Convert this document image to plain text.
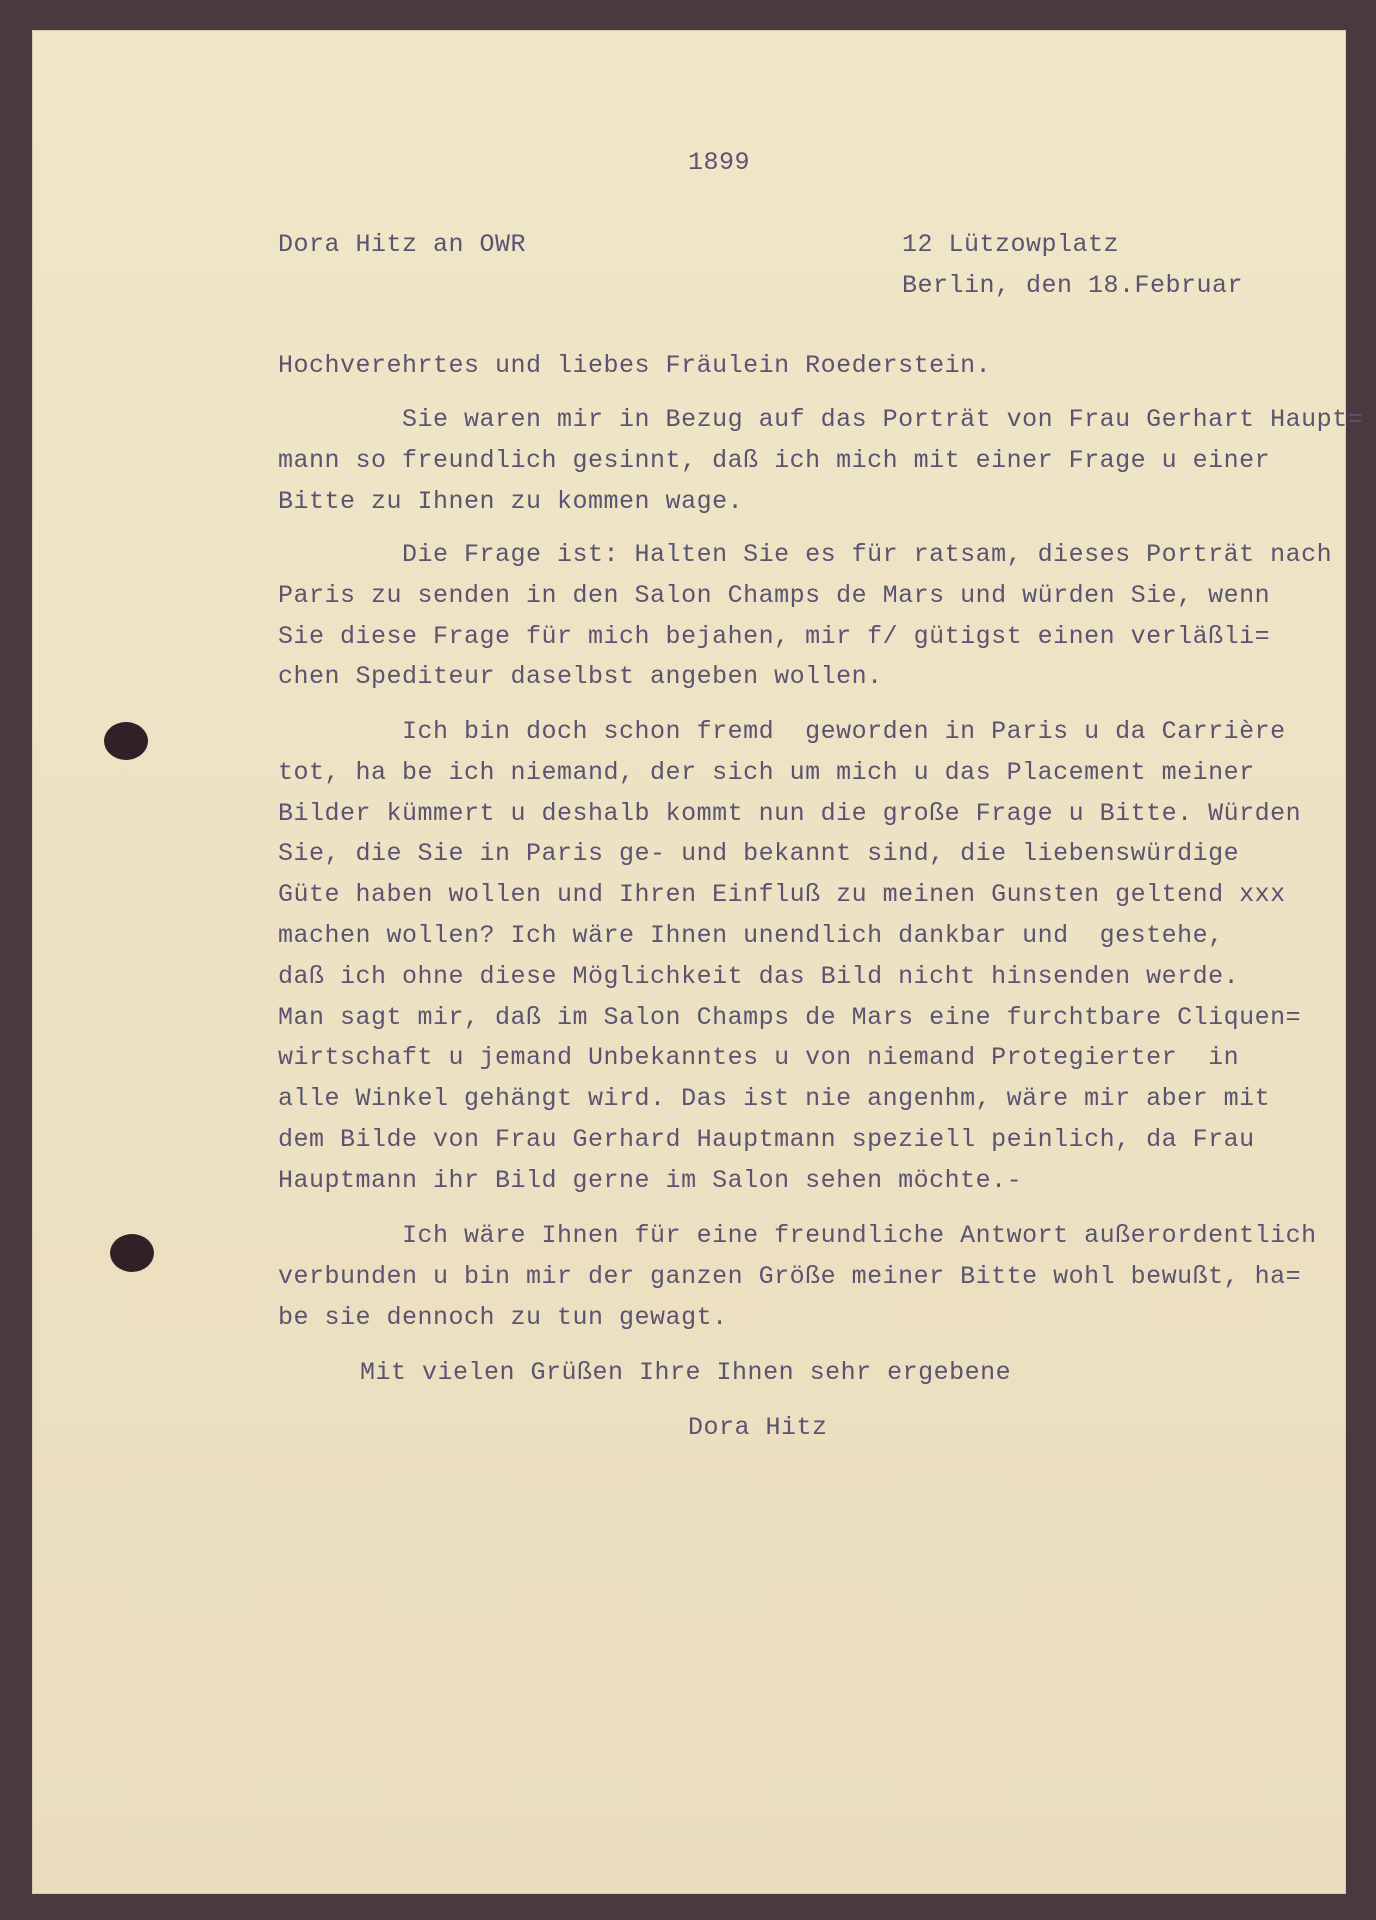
1899
Dora Hitz an OWR	12 Lützowplatz
Berlin, den 18.Februar
Hochverehrtes und liebes Fräulein Roederstein.
Sie waren mir in Bezug auf das Porträt von Frau Gerhart Haupt=
mann so freundlich gesinnt, daß ich mich mit einer Frage u einer
Bitte zu Ihnen zu kommen wage.
Die Frage ist: Halten Sie es für ratsam, dieses Porträt nach
Paris zu senden in den Salon Champs de Mars und würden Sie, wenn
Sie diese Frage für mich bejahen, mir f/ gütigst einen verläßli=
chen Spediteur daselbst angeben wollen.
Ich bin doch schon fremd  geworden in Paris u da Carrière
tot, ha be ich niemand, der sich um mich u das Placement meiner
Bilder kümmert u deshalb kommt nun die große Frage u Bitte. Würden
Sie, die Sie in Paris ge- und bekannt sind, die liebenswürdige
Güte haben wollen und Ihren Einfluß zu meinen Gunsten geltend xxx
machen wollen? Ich wäre Ihnen unendlich dankbar und  gestehe,
daß ich ohne diese Möglichkeit das Bild nicht hinsenden werde.
Man sagt mir, daß im Salon Champs de Mars eine furchtbare Cliquen=
wirtschaft u jemand Unbekanntes u von niemand Protegierter  in
alle Winkel gehängt wird. Das ist nie angenhm, wäre mir aber mit
dem Bilde von Frau Gerhard Hauptmann speziell peinlich, da Frau
Hauptmann ihr Bild gerne im Salon sehen möchte.-
Ich wäre Ihnen für eine freundliche Antwort außerordentlich
verbunden u bin mir der ganzen Größe meiner Bitte wohl bewußt, ha=
be sie dennoch zu tun gewagt.
Mit vielen Grüßen Ihre Ihnen sehr ergebene
Dora Hitz
